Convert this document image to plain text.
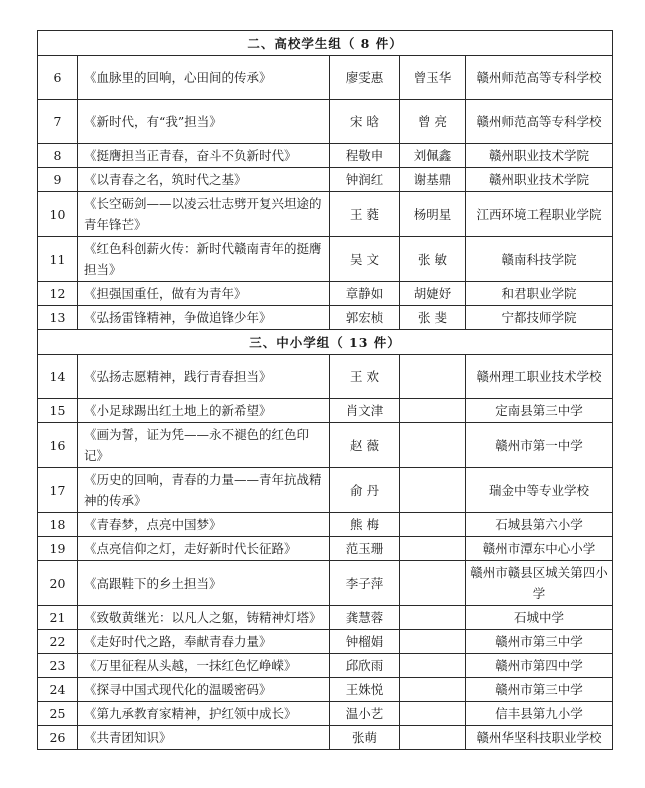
二、高校学生组（ 8 件）				
6	《血脉里的回响，心田间的传承》	廖雯惠	曾玉华	赣州师范高等专科学校
7	《新时代，有“我”担当》	宋 晗	曾 亮	赣州师范高等专科学校
8	《挺膺担当正青春，奋斗不负新时代》	程敬申	刘佩鑫	赣州职业技术学院
9	《以青春之名，筑时代之基》	钟润红	谢基鼎	赣州职业技术学院
10	《长空砺剑——以凌云壮志劈开复兴坦途的青年锋芒》	王 蕤	杨明星	江西环境工程职业学院
11	《红色科创薪火传：新时代赣南青年的挺膺担当》	吴 文	张 敏	赣南科技学院
12	《担强国重任，做有为青年》	章静如	胡婕妤	和君职业学院
13	《弘扬雷锋精神，争做追锋少年》	郭宏桢	张 斐	宁都技师学院
三、中小学组（ 13 件）				
14	《弘扬志愿精神，践行青春担当》	王 欢		赣州理工职业技术学校
15	《小足球踢出红土地上的新希望》	肖文津		定南县第三中学
16	《画为誓，证为凭——永不褪色的红色印记》	赵 薇		赣州市第一中学
17	《历史的回响，青春的力量——青年抗战精神的传承》	俞 丹		瑞金中等专业学校
18	《青春梦，点亮中国梦》	熊 梅		石城县第六小学
19	《点亮信仰之灯，走好新时代长征路》	范玉珊		赣州市潭东中心小学
20	《高跟鞋下的乡土担当》	李子萍		赣州市赣县区城关第四小学
21	《致敬黄继光：以凡人之躯，铸精神灯塔》	龚慧蓉		石城中学
22	《走好时代之路，奉献青春力量》	钟榴娟		赣州市第三中学
23	《万里征程从头越，一抹红色忆峥嵘》	邱欣雨		赣州市第四中学
24	《探寻中国式现代化的温暖密码》	王姝悦		赣州市第三中学
25	《第九承教育家精神，护红领中成长》	温小艺		信丰县第九小学
26	《共青团知识》	张萌		赣州华坚科技职业学校
